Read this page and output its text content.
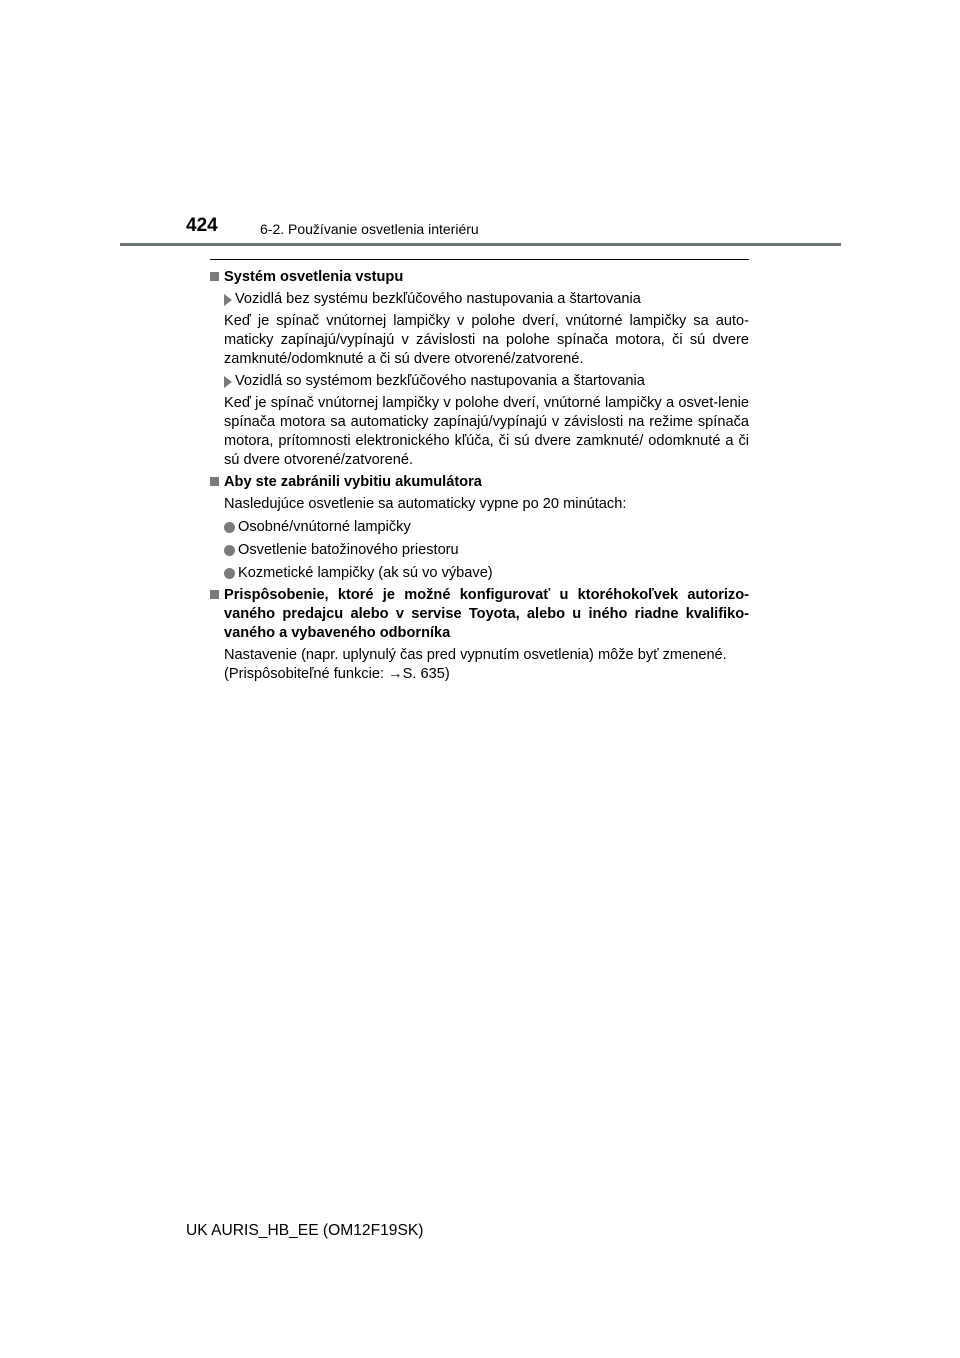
424	6-2. Používanie osvetlenia interiéru
Systém osvetlenia vstupu
Vozidlá bez systému bezkľúčového nastupovania a štartovania
Keď je spínač vnútornej lampičky v polohe dverí, vnútorné lampičky sa auto-maticky zapínajú/vypínajú v závislosti na polohe spínača motora, či sú dvere zamknuté/odomknuté a či sú dvere otvorené/zatvorené.
Vozidlá so systémom bezkľúčového nastupovania a štartovania
Keď je spínač vnútornej lampičky v polohe dverí, vnútorné lampičky a osvet-lenie spínača motora sa automaticky zapínajú/vypínajú v závislosti na režime spínača motora, prítomnosti elektronického kľúča, či sú dvere zamknuté/ odomknuté a či sú dvere otvorené/zatvorené.
Aby ste zabránili vybitiu akumulátora
Nasledujúce osvetlenie sa automaticky vypne po 20 minútach:
Osobné/vnútorné lampičky
Osvetlenie batožinového priestoru
Kozmetické lampičky (ak sú vo výbave)
Prispôsobenie, ktoré je možné konfigurovať u ktoréhokoľvek autorizo-vaného predajcu alebo v servise Toyota, alebo u iného riadne kvalifiko-vaného a vybaveného odborníka
Nastavenie (napr. uplynulý čas pred vypnutím osvetlenia) môže byť zmenené.
(Prispôsobiteľné funkcie: →S. 635)
UK AURIS_HB_EE (OM12F19SK)
